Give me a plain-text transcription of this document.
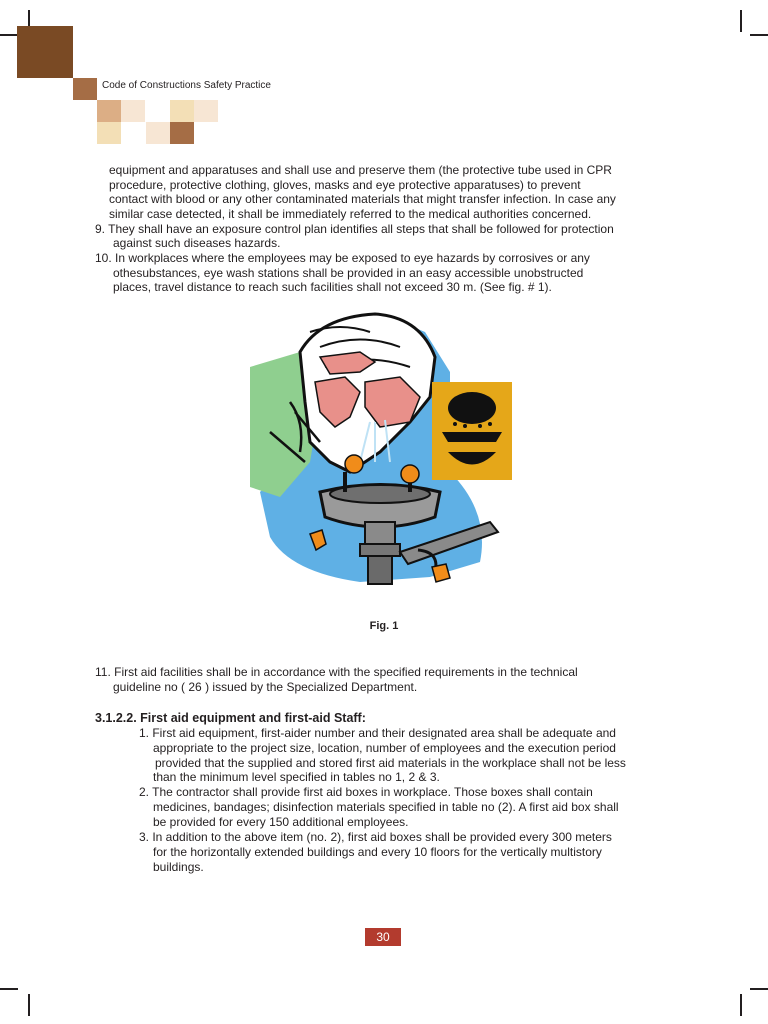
Code of Constructions Safety Practice
equipment and apparatuses and shall use and preserve them (the protective tube used in CPR
procedure, protective clothing, gloves, masks and eye protective apparatuses) to prevent
contact with blood or any other contaminated materials that might transfer infection. In case any
similar case detected, it shall be immediately referred to the medical authorities concerned.
9. They shall have an exposure control plan identifies all steps that shall be followed for protection
against such diseases hazards.
10. In workplaces where the employees may be exposed to eye hazards by corrosives or any
othesubstances, eye wash stations shall be provided in an easy accessible unobstructed
places, travel distance to reach such facilities shall not exceed 30 m. (See fig. # 1).
Fig. 1
11. First aid facilities shall be in accordance with the specified requirements in the technical
guideline no ( 26 ) issued by the Specialized Department.
3.1.2.2. First aid equipment and first-aid Staff:
1. First aid equipment, first-aider number and their designated area shall be adequate and
appropriate to the project size, location, number of employees and the execution period
provided that the supplied and stored first aid materials in the workplace shall not be less
than the minimum level specified in tables no 1, 2 & 3.
2. The contractor shall provide first aid boxes in workplace. Those boxes shall contain
medicines, bandages; disinfection materials specified in table no (2). A first aid box shall
be provided for every 150 additional employees.
3. In addition to the above item (no. 2), first aid boxes shall be provided every 300 meters
for the horizontally extended buildings and every 10 floors for the vertically multistory
buildings.
30
